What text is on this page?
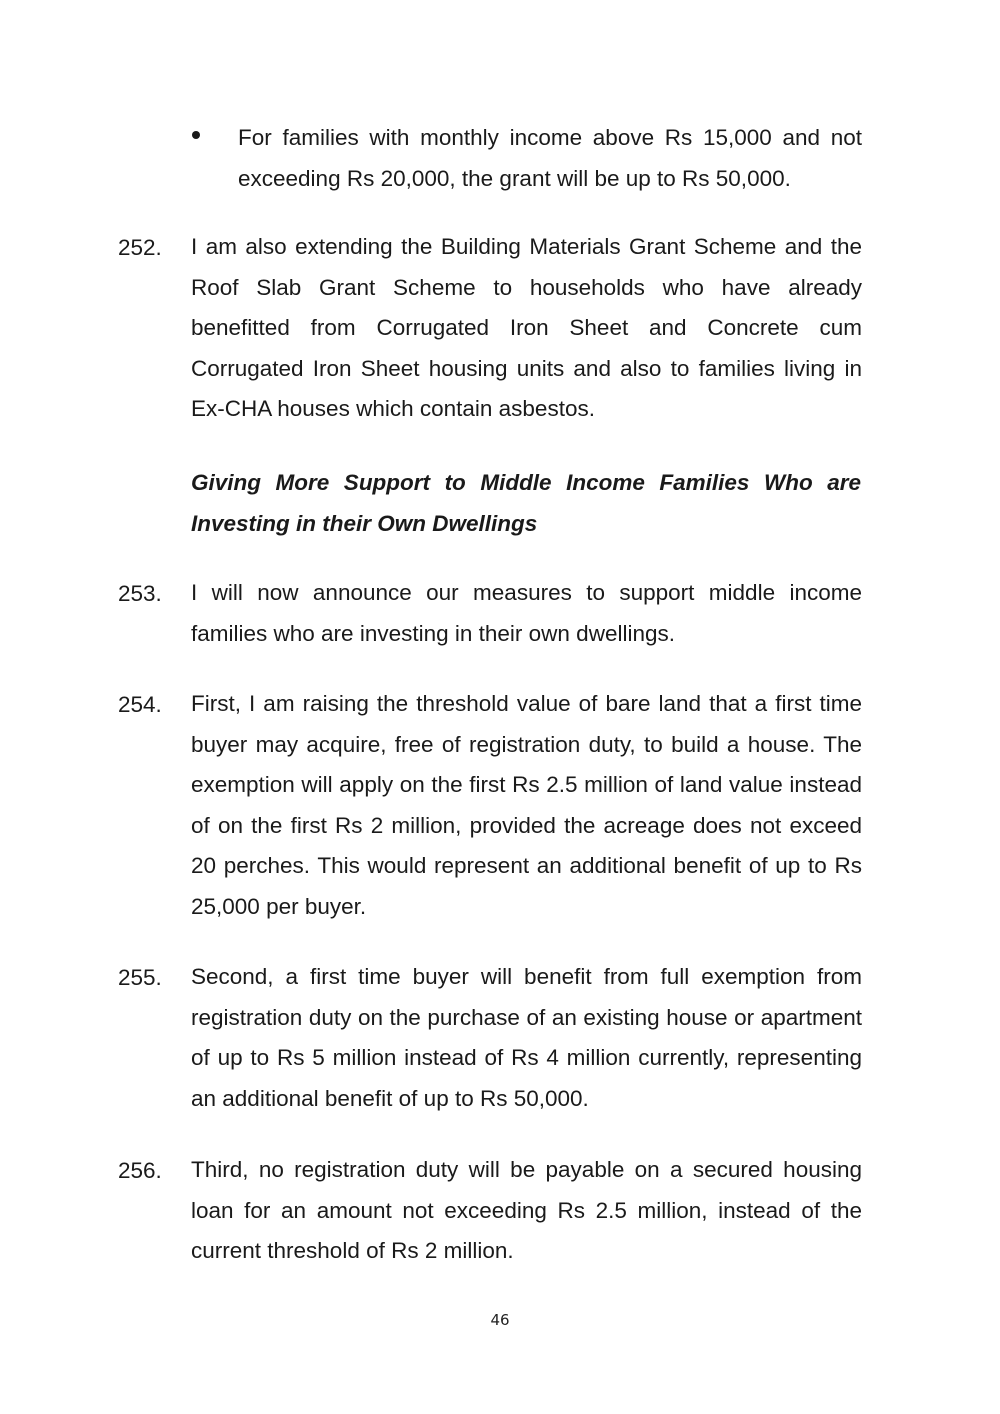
For families with monthly income above Rs 15,000 and not exceeding Rs 20,000, the grant will be up to Rs 50,000.
252. I am also extending the Building Materials Grant Scheme and the Roof Slab Grant Scheme to households who have already benefitted from Corrugated Iron Sheet and Concrete cum Corrugated Iron Sheet housing units and also to families living in Ex-CHA houses which contain asbestos.
Giving More Support to Middle Income Families Who are Investing in their Own Dwellings
253. I will now announce our measures to support middle income families who are investing in their own dwellings.
254. First, I am raising the threshold value of bare land that a first time buyer may acquire, free of registration duty, to build a house. The exemption will apply on the first Rs 2.5 million of land value instead of on the first Rs 2 million, provided the acreage does not exceed 20 perches. This would represent an additional benefit of up to Rs 25,000 per buyer.
255. Second, a first time buyer will benefit from full exemption from registration duty on the purchase of an existing house or apartment of up to Rs 5 million instead of Rs 4 million currently, representing an additional benefit of up to Rs 50,000.
256. Third, no registration duty will be payable on a secured housing loan for an amount not exceeding Rs 2.5 million, instead of the current threshold of Rs 2 million.
46
